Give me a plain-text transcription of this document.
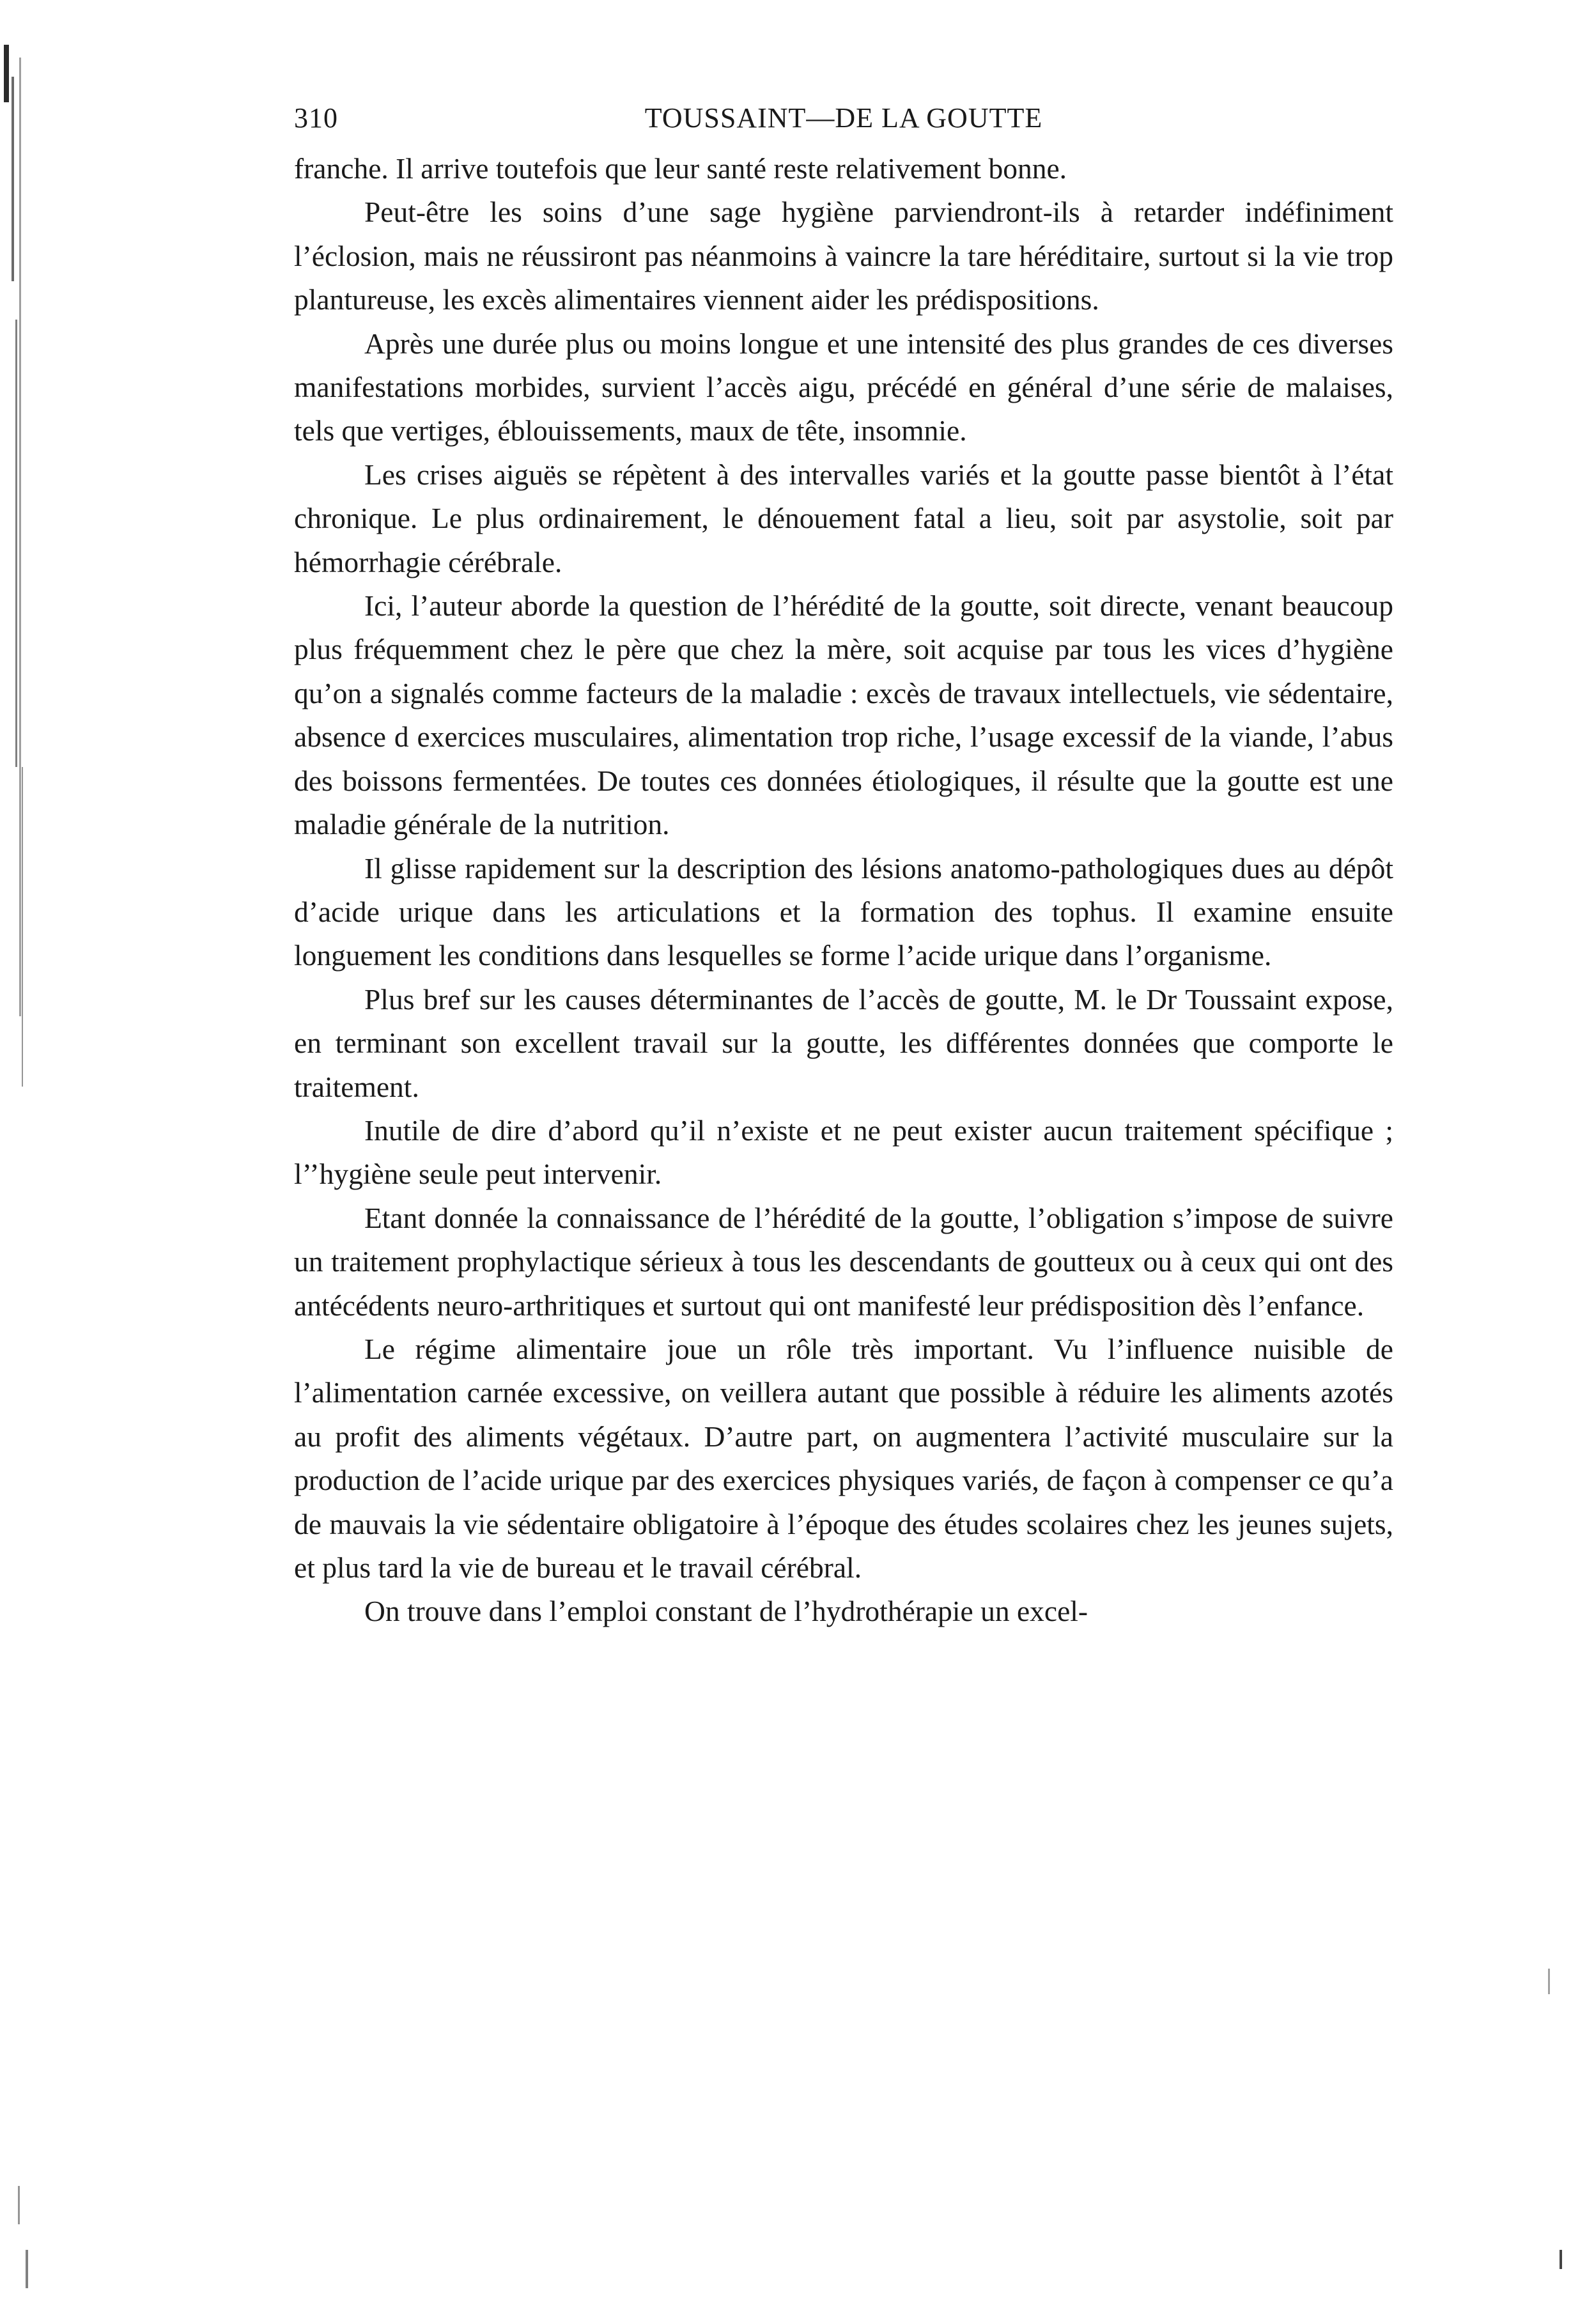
310	TOUSSAINT—DE LA GOUTTE

franche. Il arrive toutefois que leur santé reste relativement bonne.

Peut-être les soins d’une sage hygiène parviendront-ils à retarder indéfiniment l’éclosion, mais ne réussiront pas néanmoins à vaincre la tare héréditaire, surtout si la vie trop plantureuse, les excès alimentaires viennent aider les prédispositions.

Après une durée plus ou moins longue et une intensité des plus grandes de ces diverses manifestations morbides, survient l’accès aigu, précédé en général d’une série de malaises, tels que vertiges, éblouissements, maux de tête, insomnie.

Les crises aiguës se répètent à des intervalles variés et la goutte passe bientôt à l’état chronique. Le plus ordinairement, le dénouement fatal a lieu, soit par asystolie, soit par hémorrhagie cérébrale.

Ici, l’auteur aborde la question de l’hérédité de la goutte, soit directe, venant beaucoup plus fréquemment chez le père que chez la mère, soit acquise par tous les vices d’hygiène qu’on a signalés comme facteurs de la maladie : excès de travaux intellectuels, vie sédentaire, absence d exercices musculaires, alimentation trop riche, l’usage excessif de la viande, l’abus des boissons fermentées. De toutes ces données étiologiques, il résulte que la goutte est une maladie générale de la nutrition.

Il glisse rapidement sur la description des lésions anatomo-pathologiques dues au dépôt d’acide urique dans les articulations et la formation des tophus. Il examine ensuite longuement les conditions dans lesquelles se forme l’acide urique dans l’organisme.

Plus bref sur les causes déterminantes de l’accès de goutte, M. le Dr Toussaint expose, en terminant son excellent travail sur la goutte, les différentes données que comporte le traitement.

Inutile de dire d’abord qu’il n’existe et ne peut exister aucun traitement spécifique ; l’’hygiène seule peut intervenir.

Etant donnée la connaissance de l’hérédité de la goutte, l’obligation s’impose de suivre un traitement prophylactique sérieux à tous les descendants de goutteux ou à ceux qui ont des antécédents neuro-arthritiques et surtout qui ont manifesté leur prédisposition dès l’enfance.

Le régime alimentaire joue un rôle très important. Vu l’influence nuisible de l’alimentation carnée excessive, on veillera autant que possible à réduire les aliments azotés au profit des aliments végétaux. D’autre part, on augmentera l’activité musculaire sur la production de l’acide urique par des exercices physiques variés, de façon à compenser ce qu’a de mauvais la vie sédentaire obligatoire à l’époque des études scolaires chez les jeunes sujets, et plus tard la vie de bureau et le travail cérébral.

On trouve dans l’emploi constant de l’hydrothérapie un excel-
